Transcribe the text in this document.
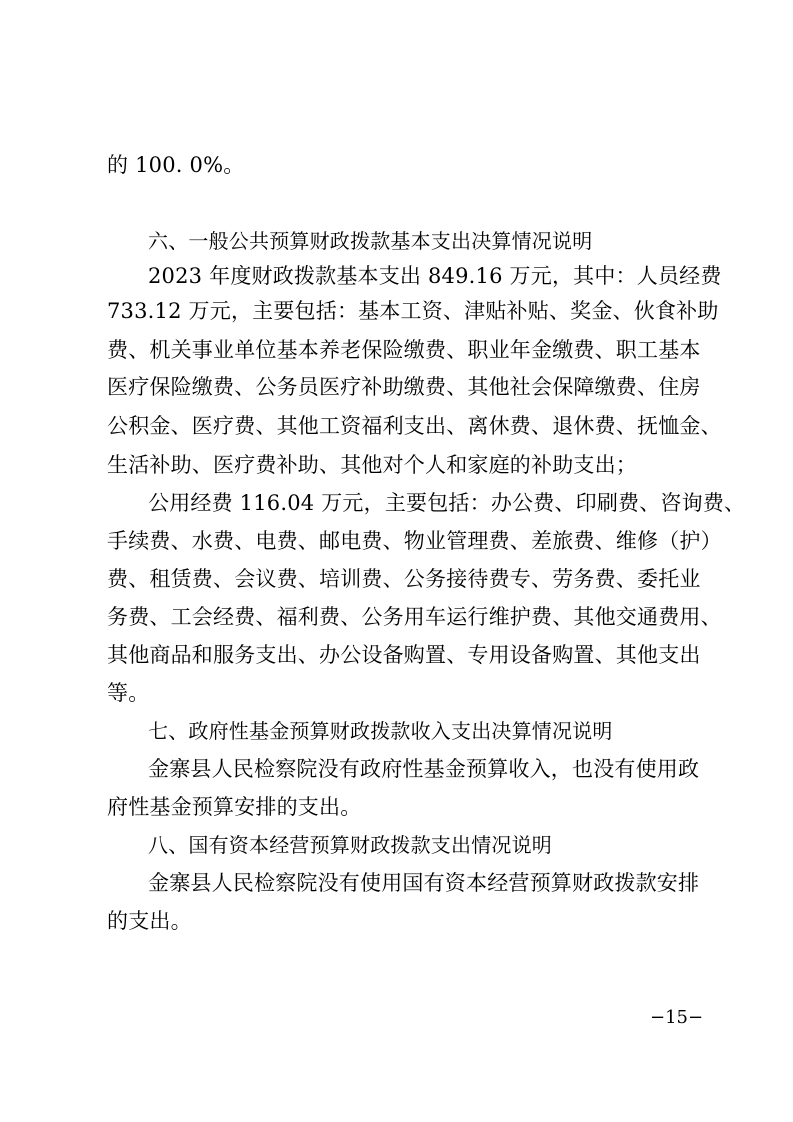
的 100. 0%。
六、一般公共预算财政拨款基本支出决算情况说明
2023 年度财政拨款基本支出 849.16 万元，其中：人员经费
733.12 万元，主要包括：基本工资、津贴补贴、奖金、伙食补助
费、机关事业单位基本养老保险缴费、职业年金缴费、职工基本
医疗保险缴费、公务员医疗补助缴费、其他社会保障缴费、住房
公积金、医疗费、其他工资福利支出、离休费、退休费、抚恤金、
生活补助、医疗费补助、其他对个人和家庭的补助支出；
公用经费 116.04 万元，主要包括：办公费、印刷费、咨询费、
手续费、水费、电费、邮电费、物业管理费、差旅费、维修（护）
费、租赁费、会议费、培训费、公务接待费专、劳务费、委托业
务费、工会经费、福利费、公务用车运行维护费、其他交通费用、
其他商品和服务支出、办公设备购置、专用设备购置、其他支出
等。
七、政府性基金预算财政拨款收入支出决算情况说明
金寨县人民检察院没有政府性基金预算收入，也没有使用政
府性基金预算安排的支出。
八、国有资本经营预算财政拨款支出情况说明
金寨县人民检察院没有使用国有资本经营预算财政拨款安排
的支出。
−15−
